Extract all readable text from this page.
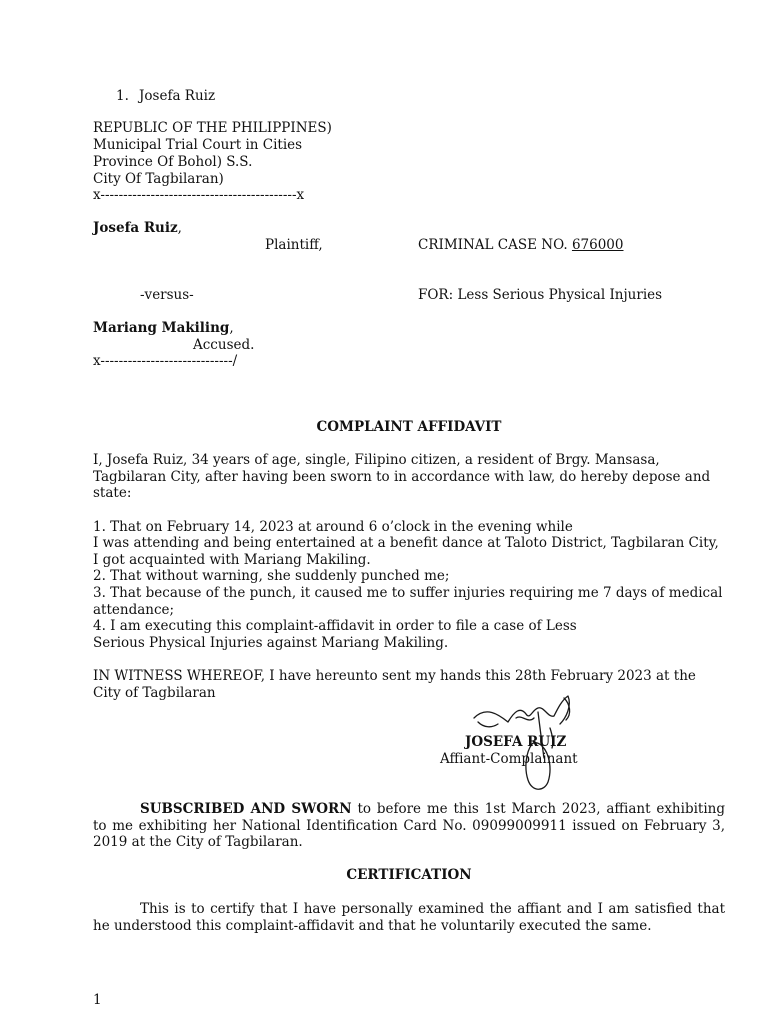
1. Josefa Ruiz
REPUBLIC OF THE PHILIPPINES)
Municipal Trial Court in Cities
Province Of Bohol) S.S.
City Of Tagbilaran)
x-------------------------------------------x
Josefa Ruiz,
Plaintiff,	CRIMINAL CASE NO. 676000
-versus-	FOR: Less Serious Physical Injuries
Mariang Makiling,
Accused.
x-----------------------------/
COMPLAINT AFFIDAVIT
I, Josefa Ruiz, 34 years of age, single, Filipino citizen, a resident of Brgy. Mansasa, Tagbilaran City, after having been sworn to in accordance with law, do hereby depose and state:
1. That on February 14, 2023 at around 6 o’clock in the evening while
I was attending and being entertained at a benefit dance at Taloto District, Tagbilaran City, I got acquainted with Mariang Makiling.
2. That without warning, she suddenly punched me;
3. That because of the punch, it caused me to suffer injuries requiring me 7 days of medical attendance;
4. I am executing this complaint-affidavit in order to file a case of Less
Serious Physical Injuries against Mariang Makiling.
IN WITNESS WHEREOF, I have hereunto sent my hands this 28th February 2023 at the City of Tagbilaran
JOSEFA RUIZ
Affiant-Complainant
SUBSCRIBED AND SWORN to before me this 1st March 2023, affiant exhibiting to me exhibiting her National Identification Card No. 09099009911 issued on February 3, 2019 at the City of Tagbilaran.
CERTIFICATION
This is to certify that I have personally examined the affiant and I am satisfied that he understood this complaint-affidavit and that he voluntarily executed the same.
1
